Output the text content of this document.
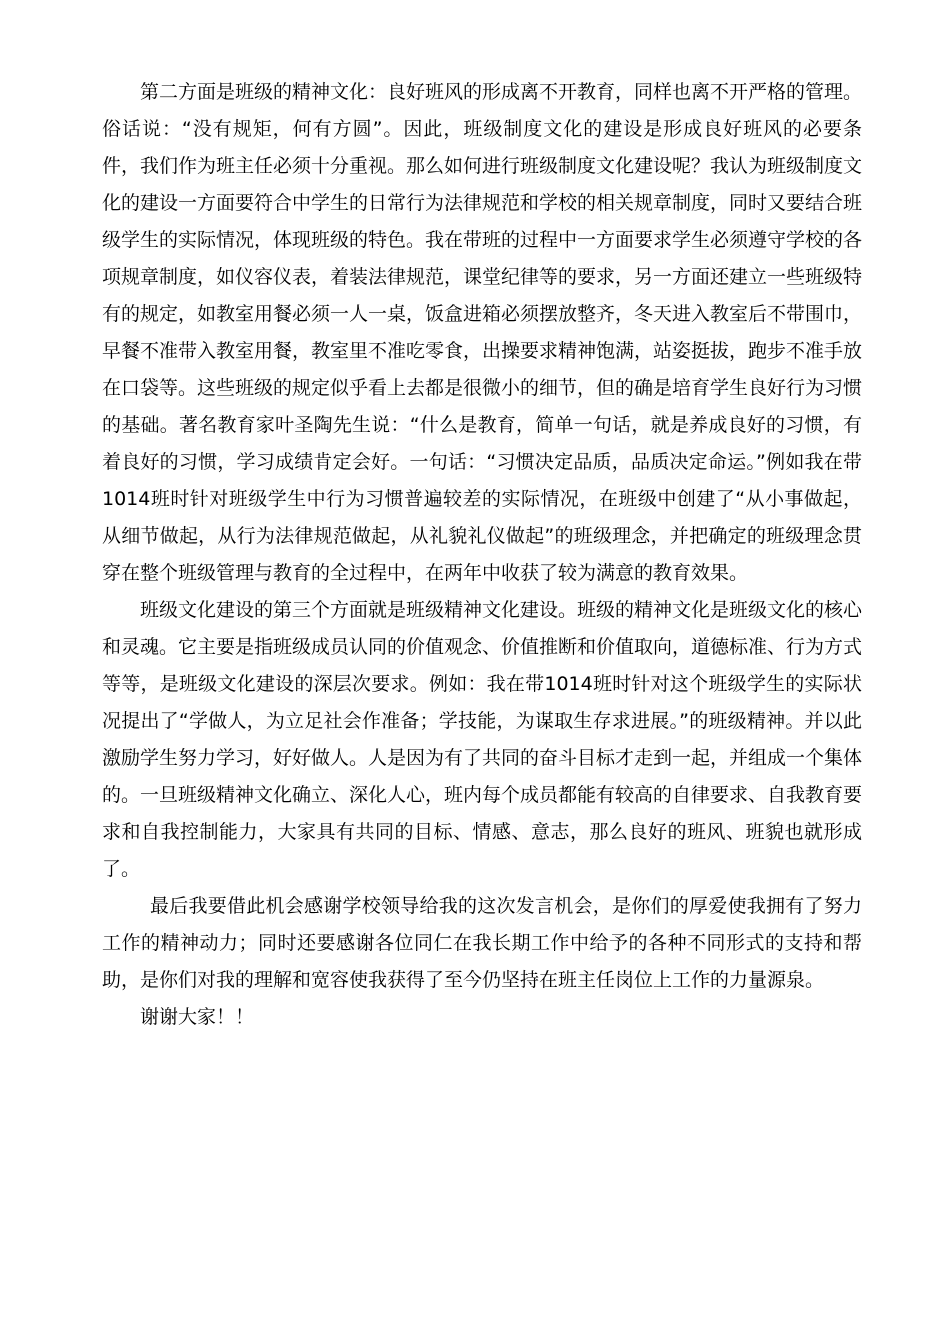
第二方面是班级的精神文化：良好班风的形成离不开教育，同样也离不开严格的管理。俗话说：“没有规矩，何有方圆”。因此，班级制度文化的建设是形成良好班风的必要条件，我们作为班主任必须十分重视。那么如何进行班级制度文化建设呢？我认为班级制度文化的建设一方面要符合中学生的日常行为法律规范和学校的相关规章制度，同时又要结合班级学生的实际情况，体现班级的特色。我在带班的过程中一方面要求学生必须遵守学校的各项规章制度，如仪容仪表，着装法律规范，课堂纪律等的要求，另一方面还建立一些班级特有的规定，如教室用餐必须一人一桌，饭盒进箱必须摆放整齐，冬天进入教室后不带围巾，早餐不准带入教室用餐，教室里不准吃零食，出操要求精神饱满，站姿挺拔，跑步不准手放在口袋等。这些班级的规定似乎看上去都是很微小的细节，但的确是培育学生良好行为习惯的基础。著名教育家叶圣陶先生说：“什么是教育，简单一句话，就是养成良好的习惯，有着良好的习惯，学习成绩肯定会好。一句话：“习惯决定品质，品质决定命运。”例如我在带1014班时针对班级学生中行为习惯普遍较差的实际情况，在班级中创建了“从小事做起，从细节做起，从行为法律规范做起，从礼貌礼仪做起”的班级理念，并把确定的班级理念贯穿在整个班级管理与教育的全过程中，在两年中收获了较为满意的教育效果。

班级文化建设的第三个方面就是班级精神文化建设。班级的精神文化是班级文化的核心和灵魂。它主要是指班级成员认同的价值观念、价值推断和价值取向，道德标准、行为方式等等，是班级文化建设的深层次要求。例如：我在带1014班时针对这个班级学生的实际状况提出了“学做人，为立足社会作准备；学技能，为谋取生存求进展。”的班级精神。并以此激励学生努力学习，好好做人。人是因为有了共同的奋斗目标才走到一起，并组成一个集体的。一旦班级精神文化确立、深化人心，班内每个成员都能有较高的自律要求、自我教育要求和自我控制能力，大家具有共同的目标、情感、意志，那么良好的班风、班貌也就形成了。

最后我要借此机会感谢学校领导给我的这次发言机会，是你们的厚爱使我拥有了努力工作的精神动力；同时还要感谢各位同仁在我长期工作中给予的各种不同形式的支持和帮助，是你们对我的理解和宽容使我获得了至今仍坚持在班主任岗位上工作的力量源泉。

谢谢大家！！
